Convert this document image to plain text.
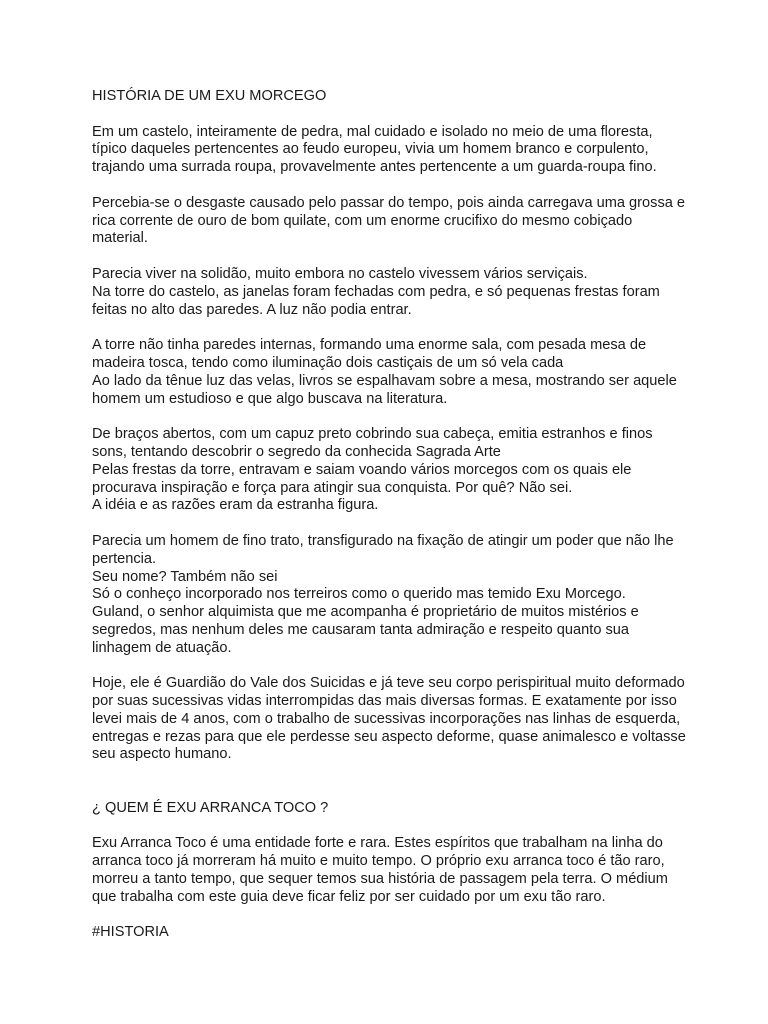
HISTÓRIA DE UM EXU MORCEGO

Em um castelo, inteiramente de pedra, mal cuidado e isolado no meio de uma floresta,
típico daqueles pertencentes ao feudo europeu, vivia um homem branco e corpulento,
trajando uma surrada roupa, provavelmente antes pertencente a um guarda-roupa fino.

Percebia-se o desgaste causado pelo passar do tempo, pois ainda carregava uma grossa e
rica corrente de ouro de bom quilate, com um enorme crucifixo do mesmo cobiçado
material.

Parecia viver na solidão, muito embora no castelo vivessem vários serviçais.
Na torre do castelo, as janelas foram fechadas com pedra, e só pequenas frestas foram
feitas no alto das paredes. A luz não podia entrar.

A torre não tinha paredes internas, formando uma enorme sala, com pesada mesa de
madeira tosca, tendo como iluminação dois castiçais de um só vela cada
Ao lado da tênue luz das velas, livros se espalhavam sobre a mesa, mostrando ser aquele
homem um estudioso e que algo buscava na literatura.

De braços abertos, com um capuz preto cobrindo sua cabeça, emitia estranhos e finos
sons, tentando descobrir o segredo da conhecida Sagrada Arte
Pelas frestas da torre, entravam e saiam voando vários morcegos com os quais ele
procurava inspiração e força para atingir sua conquista. Por quê? Não sei.
A idéia e as razões eram da estranha figura.

Parecia um homem de fino trato, transfigurado na fixação de atingir um poder que não lhe
pertencia.
Seu nome? Também não sei
Só o conheço incorporado nos terreiros como o querido mas temido Exu Morcego.
Guland, o senhor alquimista que me acompanha é proprietário de muitos mistérios e
segredos, mas nenhum deles me causaram tanta admiração e respeito quanto sua
linhagem de atuação.

Hoje, ele é Guardião do Vale dos Suicidas e já teve seu corpo perispiritual muito deformado
por suas sucessivas vidas interrompidas das mais diversas formas. E exatamente por isso
levei mais de 4 anos, com o trabalho de sucessivas incorporações nas linhas de esquerda,
entregas e rezas para que ele perdesse seu aspecto deforme, quase animalesco e voltasse
seu aspecto humano.

¿ QUEM É EXU ARRANCA TOCO ?

Exu Arranca Toco é uma entidade forte e rara. Estes espíritos que trabalham na linha do
arranca toco já morreram há muito e muito tempo. O próprio exu arranca toco é tão raro,
morreu a tanto tempo, que sequer temos sua história de passagem pela terra. O médium
que trabalha com este guia deve ficar feliz por ser cuidado por um exu tão raro.

#HISTORIA
